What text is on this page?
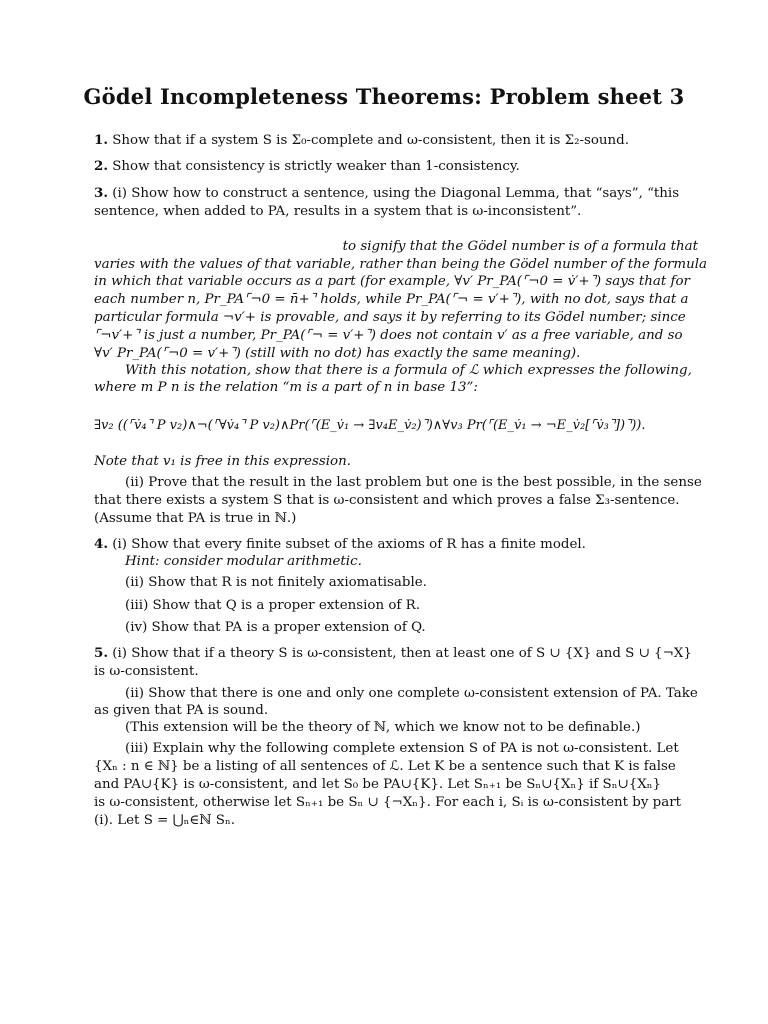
Gödel Incompleteness Theorems: Problem sheet 3
1. Show that if a system S is Σ₀-complete and ω-consistent, then it is Σ₂-sound.
2. Show that consistency is strictly weaker than 1-consistency.
3. (i) Show how to construct a sentence, using the Diagonal Lemma, that “says”, “this
sentence, when added to PA, results in a system that is ω-inconsistent”.
to signify that the Gödel number is of a formula that
varies with the values of that variable, rather than being the Gödel number of the formula
in which that variable occurs as a part (for example, ∀v′ Pr_PA(⌜¬0 = v̇′+⌝) says that for
each number n, Pr_PA⌜¬0 = n̄+⌝ holds, while Pr_PA(⌜¬ = v′+⌝), with no dot, says that a
particular formula ¬v′+ is provable, and says it by referring to its Gödel number; since
⌜¬v′+⌝ is just a number, Pr_PA(⌜¬ = v′+⌝) does not contain v′ as a free variable, and so
∀v′ Pr_PA(⌜¬0 = v′+⌝) (still with no dot) has exactly the same meaning).
With this notation, show that there is a formula of ℒ which expresses the following,
where m P n is the relation “m is a part of n in base 13”:
∃v₂ ((⌜v̇₄⌝ P v₂)∧¬(⌜∀v̇₄⌝ P v₂)∧Pr(⌜(E_v̇₁ → ∃v₄E_v̇₂)⌝)∧∀v₃ Pr(⌜(E_v̇₁ → ¬E_v̇₂[⌜v̇₃⌝])⌝)).
Note that v₁ is free in this expression.
(ii) Prove that the result in the last problem but one is the best possible, in the sense
that there exists a system S that is ω-consistent and which proves a false Σ₃-sentence.
(Assume that PA is true in ℕ.)
4. (i) Show that every finite subset of the axioms of R has a finite model.
Hint: consider modular arithmetic.
(ii) Show that R is not finitely axiomatisable.
(iii) Show that Q is a proper extension of R.
(iv) Show that PA is a proper extension of Q.
5. (i) Show that if a theory S is ω-consistent, then at least one of S ∪ {X} and S ∪ {¬X}
is ω-consistent.
(ii) Show that there is one and only one complete ω-consistent extension of PA. Take
as given that PA is sound.
(This extension will be the theory of ℕ, which we know not to be definable.)
(iii) Explain why the following complete extension S of PA is not ω-consistent. Let
{Xₙ : n ∈ ℕ} be a listing of all sentences of ℒ. Let K be a sentence such that K is false
and PA∪{K} is ω-consistent, and let S₀ be PA∪{K}. Let Sₙ₊₁ be Sₙ∪{Xₙ} if Sₙ∪{Xₙ}
is ω-consistent, otherwise let Sₙ₊₁ be Sₙ ∪ {¬Xₙ}. For each i, Sᵢ is ω-consistent by part
(i). Let S = ⋃ₙ∈ℕ Sₙ.
